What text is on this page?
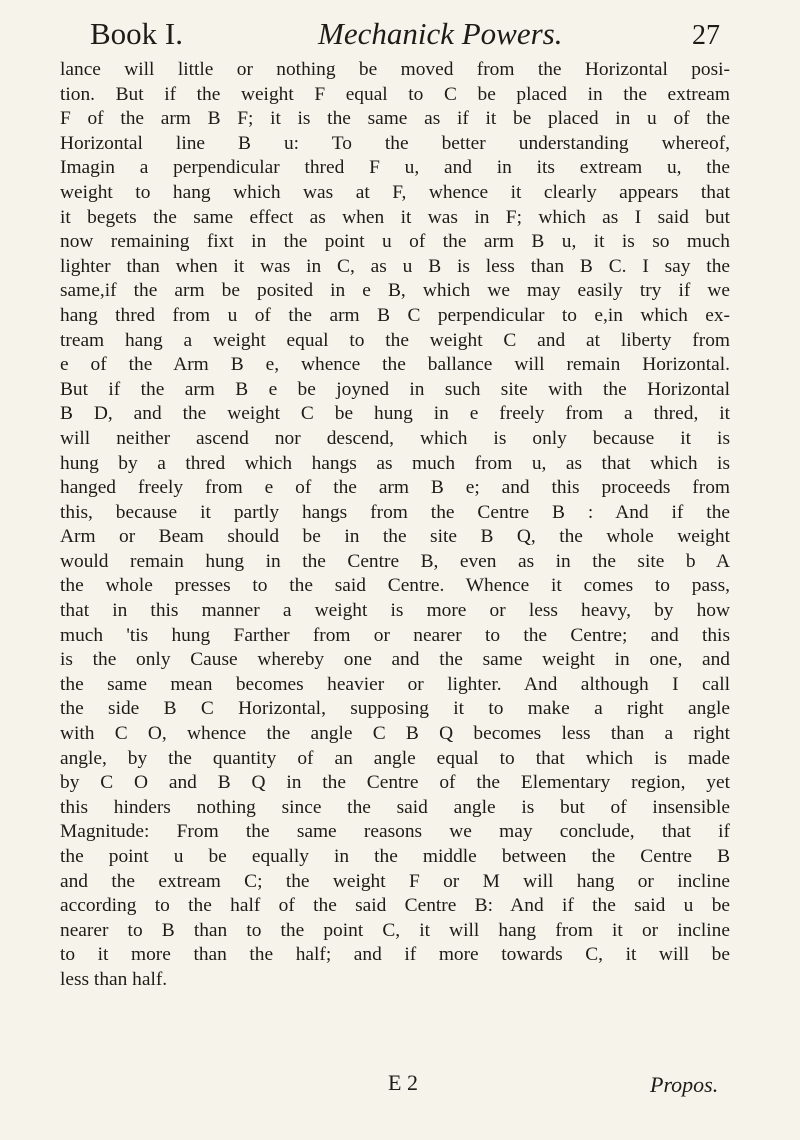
Book I.	Mechanick Powers.	27
lance will little or nothing be moved from the Horizontal posi-
tion. But if the weight F equal to C be placed in the extream
F of the arm B F; it is the same as if it be placed in u of the
Horizontal line B u: To the better understanding whereof,
Imagin a perpendicular thred F u, and in its extream u, the
weight to hang which was at F, whence it clearly appears that
it begets the same effect as when it was in F; which as I said but
now remaining fixt in the point u of the arm B u, it is so much
lighter than when it was in C, as u B is less than B C. I say the
same,if the arm be posited in e B, which we may easily try if we
hang thred from u of the arm B C perpendicular to e,in which ex-
tream hang a weight equal to the weight C and at liberty from
e of the Arm B e, whence the ballance will remain Horizontal.
But if the arm B e be joyned in such site with the Horizontal
B D, and the weight C be hung in e freely from a thred, it
will neither ascend nor descend, which is only because it is
hung by a thred which hangs as much from u, as that which is
hanged freely from e of the arm B e; and this proceeds from
this, because it partly hangs from the Centre B : And if the
Arm or Beam should be in the site B Q, the whole weight
would remain hung in the Centre B, even as in the site b A
the whole presses to the said Centre. Whence it comes to pass,
that in this manner a weight is more or less heavy, by how
much 'tis hung Farther from or nearer to the Centre; and this
is the only Cause whereby one and the same weight in one, and
the same mean becomes heavier or lighter. And although I call
the side B C Horizontal, supposing it to make a right angle
with C O, whence the angle C B Q becomes less than a right
angle, by the quantity of an angle equal to that which is made
by C O and B Q in the Centre of the Elementary region, yet
this hinders nothing since the said angle is but of insensible
Magnitude: From the same reasons we may conclude, that if
the point u be equally in the middle between the Centre B
and the extream C; the weight F or M will hang or incline
according to the half of the said Centre B: And if the said u be
nearer to B than to the point C, it will hang from it or incline
to it more than the half; and if more towards C, it will be
less than half.
E 2	Propos.
